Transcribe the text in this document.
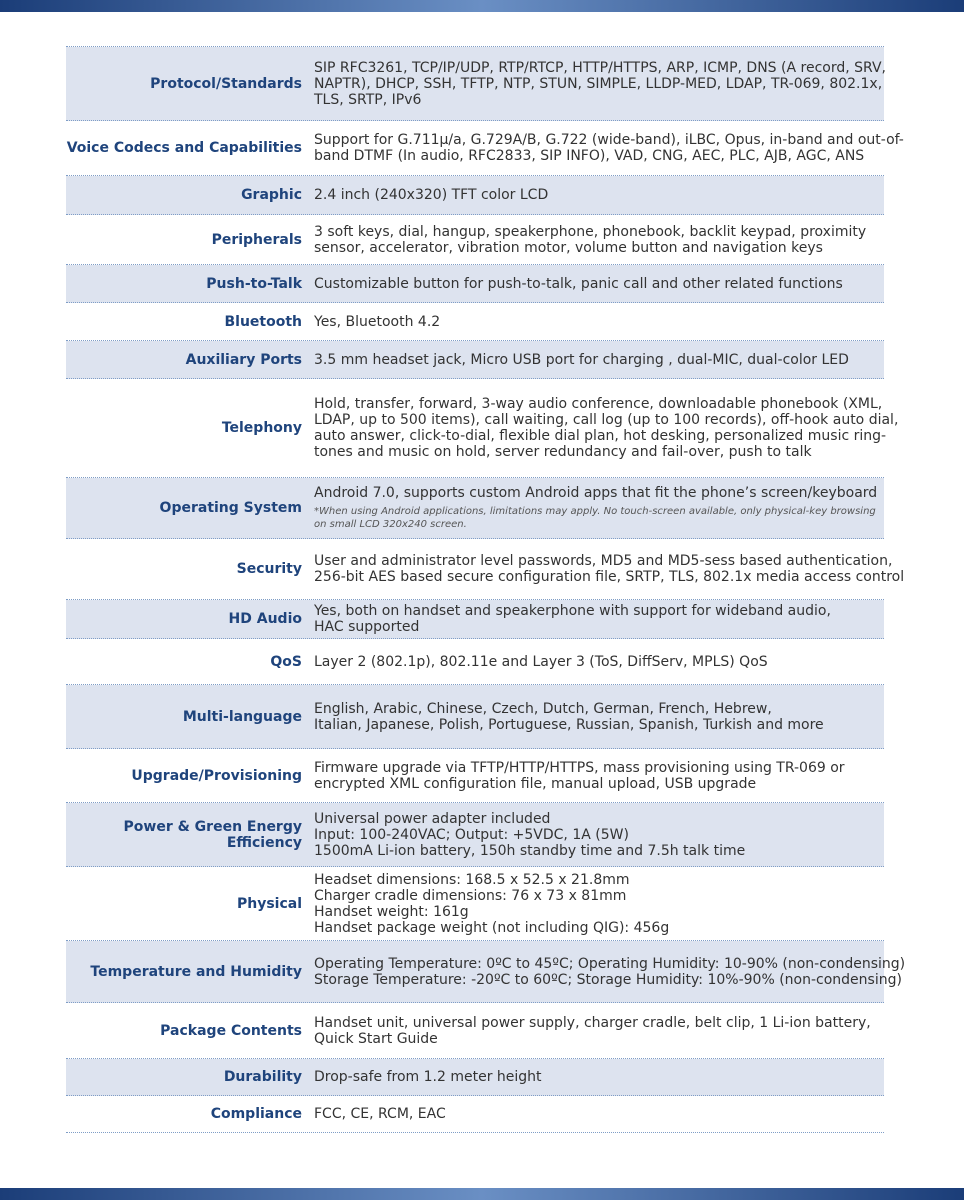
Protocol/Standards
SIP RFC3261, TCP/IP/UDP, RTP/RTCP, HTTP/HTTPS, ARP, ICMP, DNS (A record, SRV,
NAPTR), DHCP, SSH, TFTP, NTP, STUN, SIMPLE, LLDP-MED, LDAP, TR-069, 802.1x,
TLS, SRTP, IPv6
Voice Codecs and Capabilities Support for G.711µ/a, G.729A/B, G.722 (wide-band), iLBC, Opus, in-band and out-of-
band DTMF (In audio, RFC2833, SIP INFO), VAD, CNG, AEC, PLC, AJB, AGC, ANS
Graphic 2.4 inch (240x320) TFT color LCD
Peripherals 3 soft keys, dial, hangup, speakerphone, phonebook, backlit keypad, proximity
sensor, accelerator, vibration motor, volume button and navigation keys
Push-to-Talk Customizable button for push-to-talk, panic call and other related functions
Bluetooth Yes, Bluetooth 4.2
Auxiliary Ports 3.5 mm headset jack, Micro USB port for charging , dual-MIC, dual-color LED
Telephony
Hold, transfer, forward, 3-way audio conference, downloadable phonebook (XML,
LDAP, up to 500 items), call waiting, call log (up to 100 records), off-hook auto dial,
auto answer, click-to-dial, flexible dial plan, hot desking, personalized music ring-
tones and music on hold, server redundancy and fail-over, push to talk
Operating System
Android 7.0, supports custom Android apps that fit the phone’s screen/keyboard
*When using Android applications, limitations may apply. No touch-screen available, only physical-key browsing
on small LCD 320x240 screen.
Security User and administrator level passwords, MD5 and MD5-sess based authentication,
256-bit AES based secure configuration file, SRTP, TLS, 802.1x media access control
HD Audio Yes, both on handset and speakerphone with support for wideband audio,
HAC supported
QoS Layer 2 (802.1p), 802.11e and Layer 3 (ToS, DiffServ, MPLS) QoS
Multi-language English, Arabic, Chinese, Czech, Dutch, German, French, Hebrew,
Italian, Japanese, Polish, Portuguese, Russian, Spanish, Turkish and more
Upgrade/Provisioning Firmware upgrade via TFTP/HTTP/HTTPS, mass provisioning using TR-069 or
encrypted XML configuration file, manual upload, USB upgrade
Power & Green Energy Efficiency
Universal power adapter included
Input: 100-240VAC; Output: +5VDC, 1A (5W)
1500mA Li-ion battery, 150h standby time and 7.5h talk time
Physical
Headset dimensions: 168.5 x 52.5 x 21.8mm
Charger cradle dimensions: 76 x 73 x 81mm
Handset weight: 161g
Handset package weight (not including QIG): 456g
Temperature and Humidity Operating Temperature: 0ºC to 45ºC; Operating Humidity: 10-90% (non-condensing)
Storage Temperature: -20ºC to 60ºC; Storage Humidity: 10%-90% (non-condensing)
Package Contents Handset unit, universal power supply, charger cradle, belt clip, 1 Li-ion battery,
Quick Start Guide
Durability Drop-safe from 1.2 meter height
Compliance FCC, CE, RCM, EAC
